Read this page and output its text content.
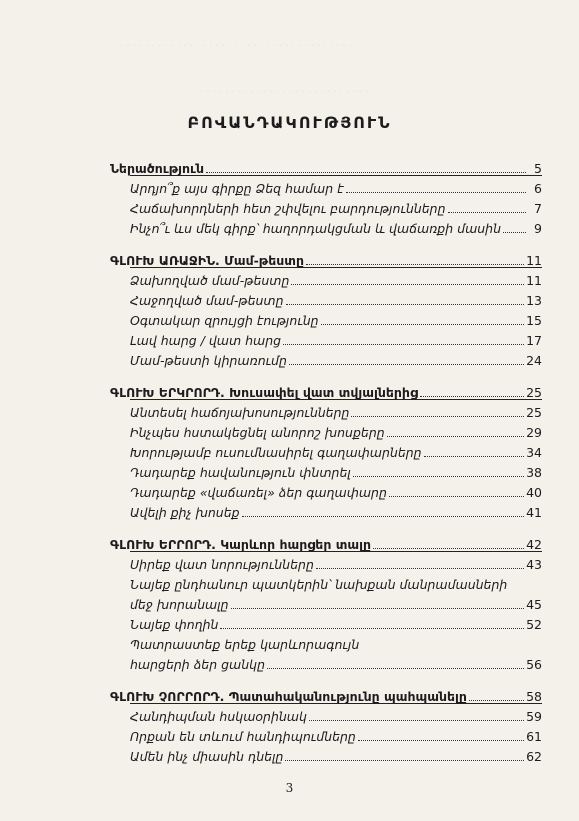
. . . . . . . . . . . . . . . . . . . . . . . . . . . . . . . . . . . . .
. . . . . . . . . . . . . . . . . . . . . . . . . . .
ԲՈՎԱՆԴԱԿՈՒԹՅՈՒՆ
Ներածություն	5
Արդյո՞ք այս գիրքը Ձեզ համար է	6
Հաճախորդների հետ շփվելու բարդությունները	7
Ինչո՞ւ ևս մեկ գիրք՝ հաղորդակցման և վաճառքի մասին	9
ԳԼՈՒԽ ԱՌԱՋԻՆ. Մամ-թեստը	11
Ձախողված մամ-թեստը	11
Հաջողված մամ-թեստը	13
Օգտակար զրույցի էությունը	15
Լավ հարց / վատ հարց	17
Մամ-թեստի կիրառումը	24
ԳԼՈՒԽ ԵՐԿՐՈՐԴ. Խուսափել վատ տվյալներից	25
Անտեսել հաճոյախոսությունները	25
Ինչպես հստակեցնել անորոշ խոսքերը	29
Խորությամբ ուսումնասիրել գաղափարները	34
Դադարեք հավանություն փնտրել	38
Դադարեք «վաճառել» ձեր գաղափարը	40
Ավելի քիչ խոսեք	41
ԳԼՈՒԽ ԵՐՐՈՐԴ. Կարևոր հարցեր տալը	42
Սիրեք վատ նորությունները	43
Նայեք ընդհանուր պատկերին՝ նախքան մանրամասների
մեջ խորանալը	45
Նայեք փողին	52
Պատրաստեք երեք կարևորագույն
հարցերի ձեր ցանկը	56
ԳԼՈՒԽ ՉՈՐՐՈՐԴ. Պատահականությունը պահպանելը	58
Հանդիպման հսկաօրինակ	59
Որքան են տևում հանդիպումները	61
Ամեն ինչ միասին դնելը	62
3
